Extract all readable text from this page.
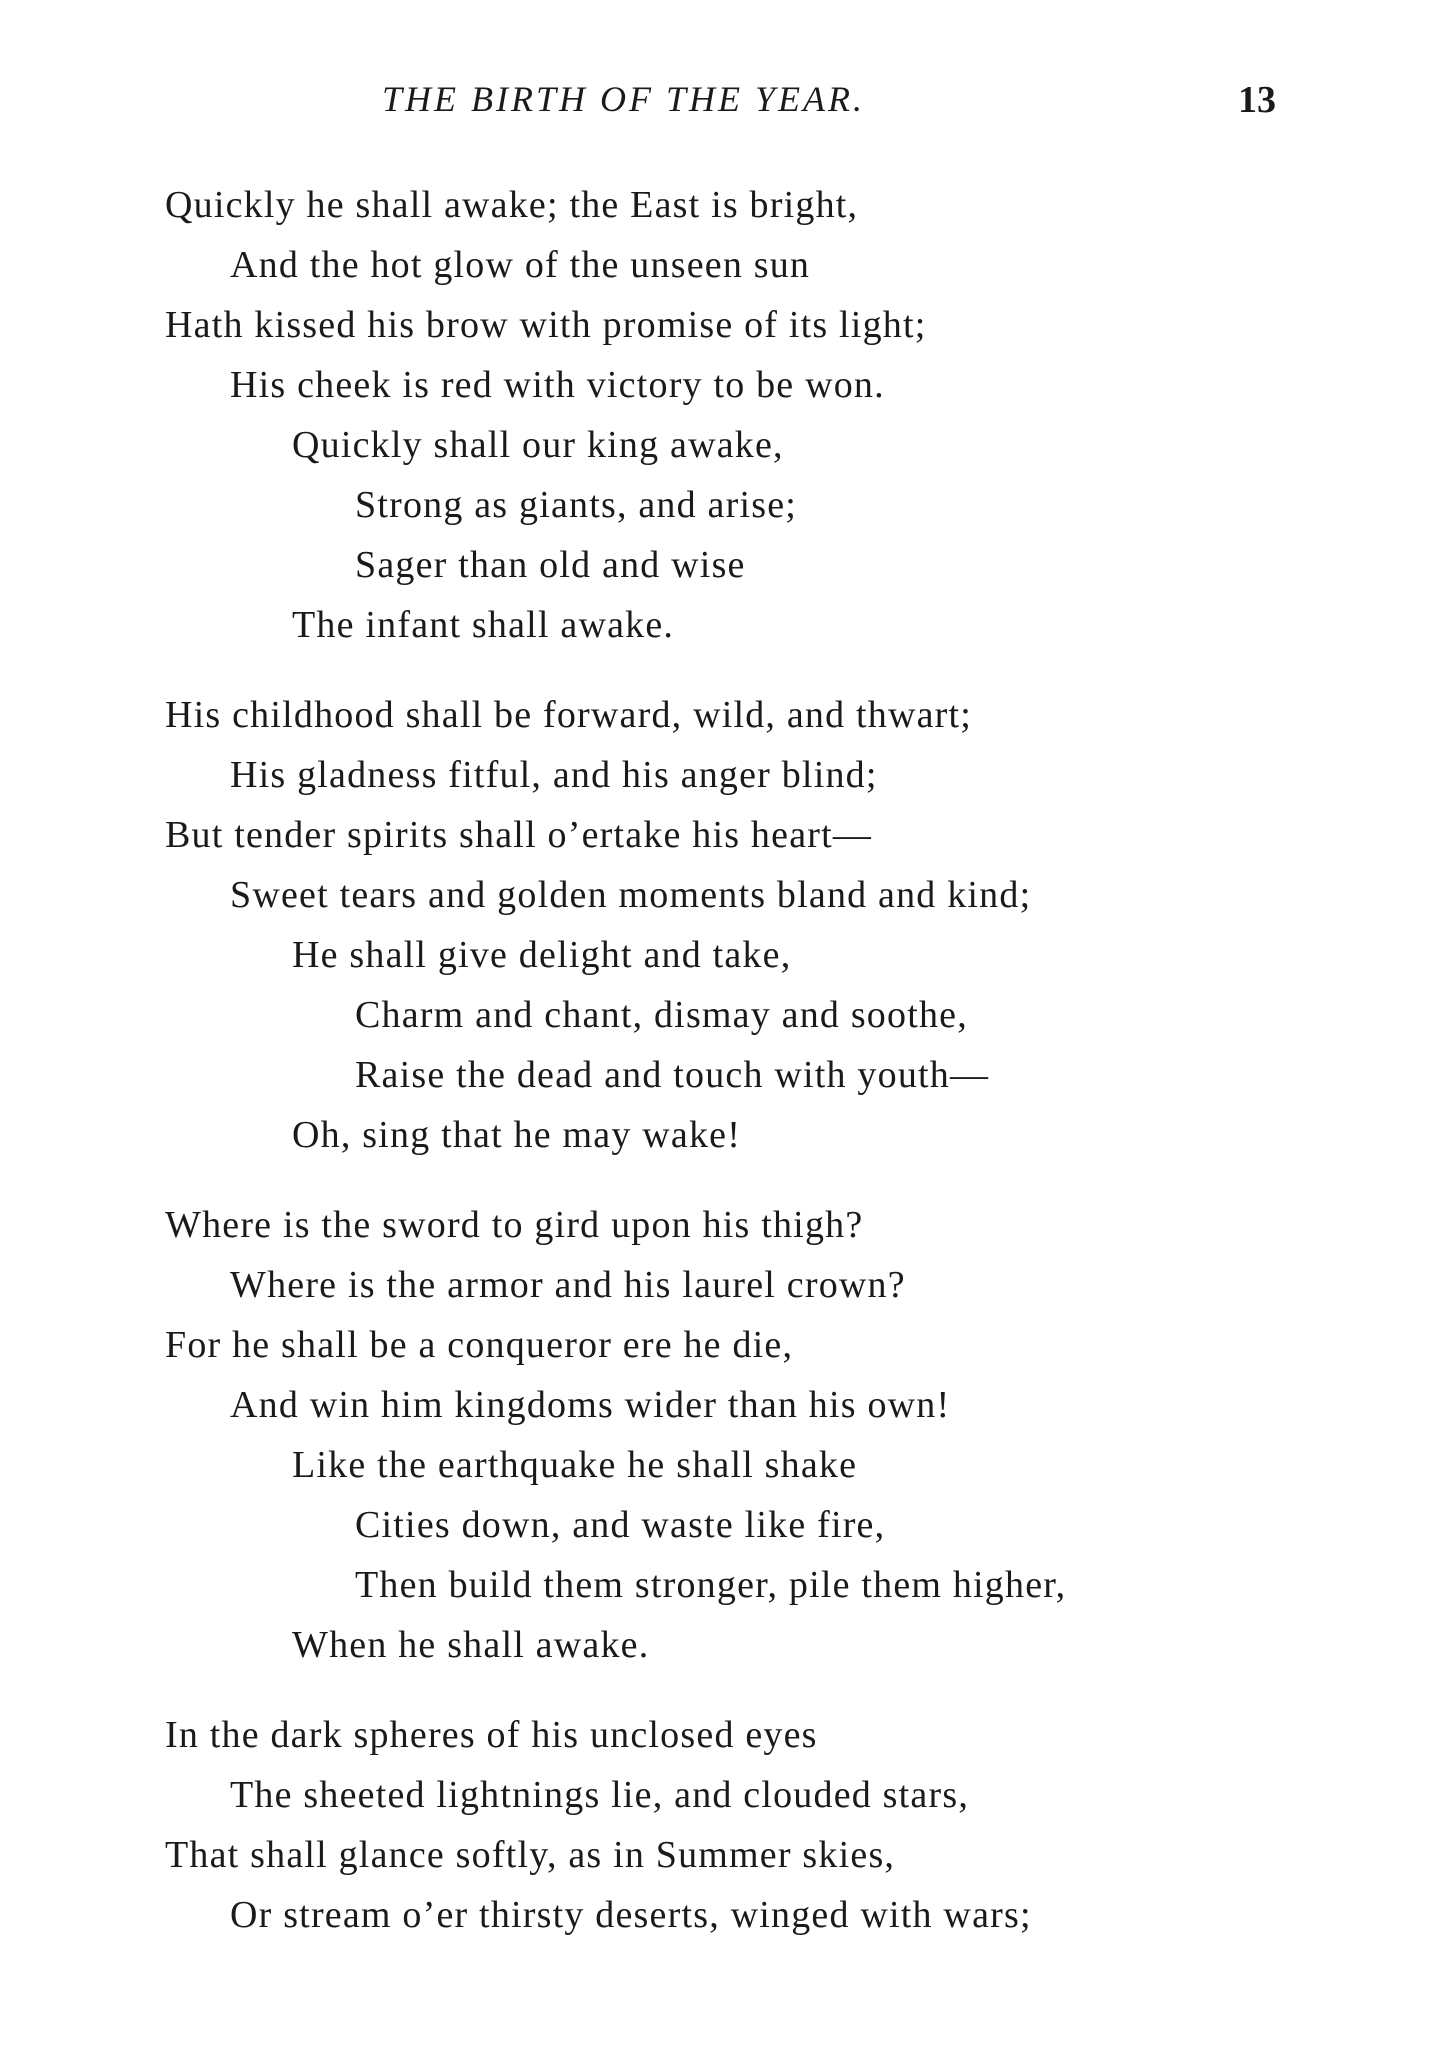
THE BIRTH OF THE YEAR.	13
Quickly he shall awake; the East is bright,
And the hot glow of the unseen sun
Hath kissed his brow with promise of its light;
His cheek is red with victory to be won.
Quickly shall our king awake,
Strong as giants, and arise;
Sager than old and wise
The infant shall awake.
His childhood shall be forward, wild, and thwart;
His gladness fitful, and his anger blind;
But tender spirits shall o’ertake his heart—
Sweet tears and golden moments bland and kind;
He shall give delight and take,
Charm and chant, dismay and soothe,
Raise the dead and touch with youth—
Oh, sing that he may wake!
Where is the sword to gird upon his thigh?
Where is the armor and his laurel crown?
For he shall be a conqueror ere he die,
And win him kingdoms wider than his own!
Like the earthquake he shall shake
Cities down, and waste like fire,
Then build them stronger, pile them higher,
When he shall awake.
In the dark spheres of his unclosed eyes
The sheeted lightnings lie, and clouded stars,
That shall glance softly, as in Summer skies,
Or stream o’er thirsty deserts, winged with wars;
